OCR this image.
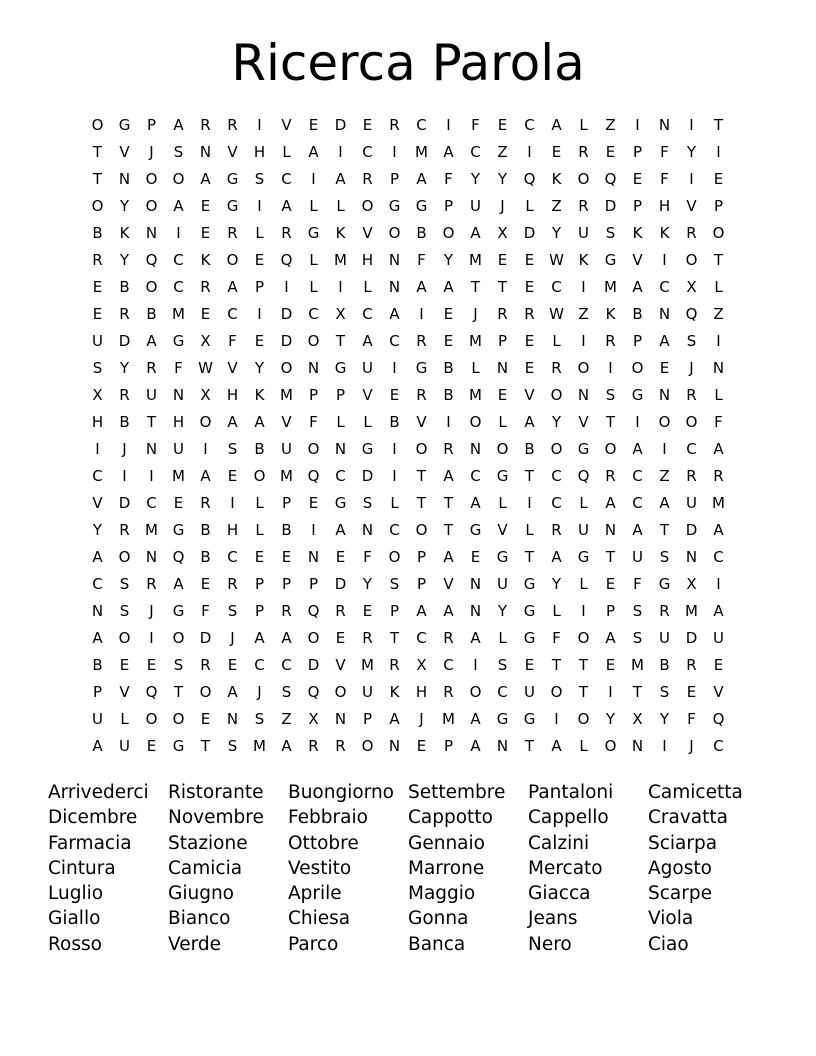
Ricerca Parola
O	G	P	A	R	R	I	V	E	D	E	R	C	I	F	E	C	A	L	Z	I	N	I	T
T	V	J	S	N	V	H	L	A	I	C	I	M	A	C	Z	I	E	R	E	P	F	Y	I
T	N	O	O	A	G	S	C	I	A	R	P	A	F	Y	Y	Q	K	O	Q	E	F	I	E
O	Y	O	A	E	G	I	A	L	L	O	G	G	P	U	J	L	Z	R	D	P	H	V	P
B	K	N	I	E	R	L	R	G	K	V	O	B	O	A	X	D	Y	U	S	K	K	R	O
R	Y	Q	C	K	O	E	Q	L	M H	N	F	Y	M	E	E W K	G	V	I	O	T
E	B	O	C	R	A	P	I	L	I	L	N	A	A	T	T	E	C	I	M	A	C	X	L
E	R	B	M	E	C	I	D	C	X	C	A	I	E	J	R	R W Z	K	B	N	Q	Z
U	D	A	G	X	F	E	D	O	T	A	C	R	E	M	P	E	L	I	R	P	A	S	I
S	Y	R	F	W V	Y	O	N	G	U	I	G	B	L	N	E	R	O	I	O	E	J	N
X	R	U	N	X	H	K	M	P	P	V	E	R	B	M	E	V	O	N	S	G	N	R	L
H	B	T	H	O	A	A	V	F	L	L	B	V	I	O	L	A	Y	V	T	I	O	O	F
I	J	N	U	I	S	B	U	O	N	G	I	O	R	N	O	B	O	G	O	A	I	C	A
C	I	I	M	A	E	O M Q	C	D	I	T	A	C	G	T	C	Q	R	C	Z	R	R
V	D	C	E	R	I	L	P	E	G	S	L	T	T	A	L	I	C	L	A	C	A	U	M
Y	R	M G	B	H	L	B	I	A	N	C	O	T	G	V	L	R	U	N	A	T	D	A
A	O	N	Q	B	C	E	E	N	E	F	O	P	A	E	G	T	A	G	T	U	S	N	C
C	S	R	A	E	R	P	P	P	D	Y	S	P	V	N	U	G	Y	L	E	F	G	X	I
N	S	J	G	F	S	P	R	Q	R	E	P	A	A	N	Y	G	L	I	P	S	R	M	A
A	O	I	O	D	J	A	A	O	E	R	T	C	R	A	L	G	F	O	A	S	U	D	U
B	E	E	S	R	E	C	C	D	V	M	R	X	C	I	S	E	T	T	E	M	B	R	E
P	V	Q	T	O	A	J	S	Q	O	U	K	H	R	O	C	U	O	T	I	T	S	E	V
U	L	O	O	E	N	S	Z	X	N	P	A	J	M	A	G	G	I	O	Y	X	Y	F	Q
A	U	E	G	T	S	M	A	R	R	O	N	E	P	A	N	T	A	L	O	N	I	J	C
Arrivederci	Ristorante	Buongiorno Settembre	Pantaloni	Camicetta
Dicembre	Novembre	Febbraio	Cappotto	Cappello	Cravatta
Farmacia	Stazione	Ottobre	Gennaio	Calzini	Sciarpa
Cintura	Camicia	Vestito	Marrone	Mercato	Agosto
Luglio	Giugno	Aprile	Maggio	Giacca	Scarpe
Giallo	Bianco	Chiesa	Gonna	Jeans	Viola
Rosso	Verde	Parco	Banca	Nero	Ciao
